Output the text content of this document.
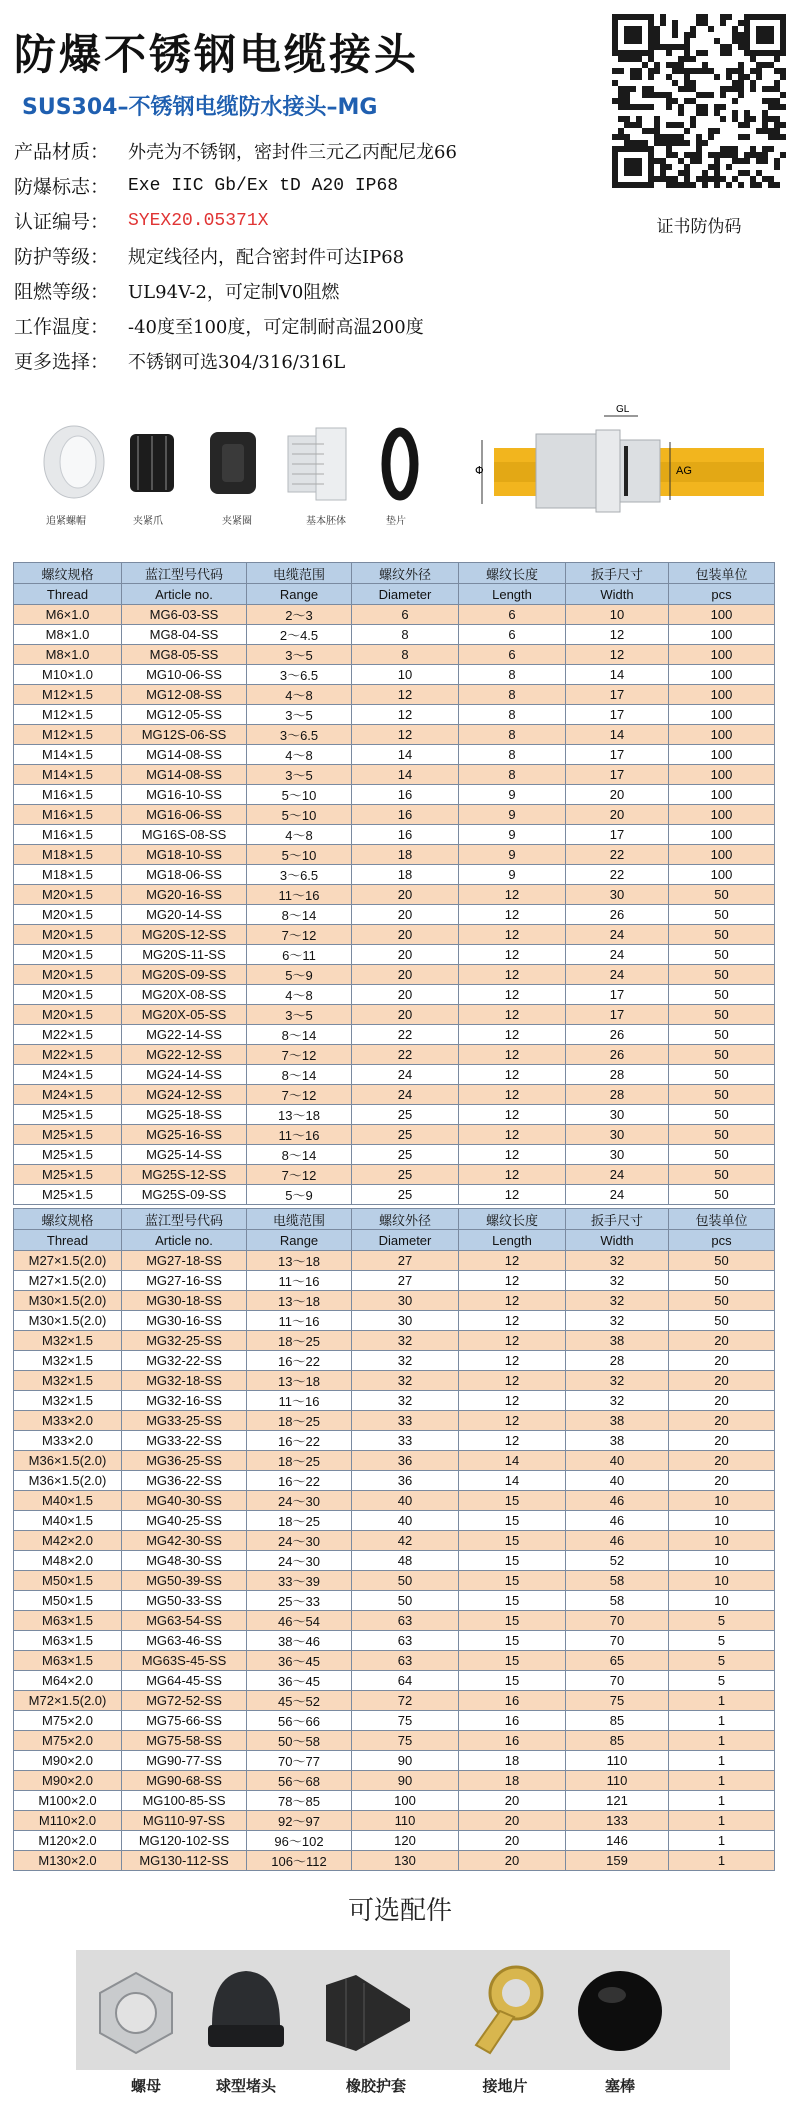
防爆不锈钢电缆接头
SUS304–不锈钢电缆防水接头–MG
产品材质：	外壳为不锈钢，密封件三元乙丙配尼龙66
防爆标志：	Exe IIC Gb/Ex tD A20 IP68
认证编号：	SYEX20.05371X
防护等级：	规定线径内，配合密封件可达IP68
阻燃等级：	UL94V-2，可定制V0阻燃
工作温度：	-40度至100度，可定制耐高温200度
更多选择：	不锈钢可选304/316/316L
证书防伪码
追紧螺帽	夹紧爪	夹紧圈	基本胚体	垫片
GL
AG
Φ
螺纹规格	蓝江型号代码	电缆范围	螺纹外径	螺纹长度	扳手尺寸	包装单位
Thread	Article no.	Range	Diameter	Length	Width	pcs
M6×1.0	MG6-03-SS	2～3	6	6	10	100
M8×1.0	MG8-04-SS	2～4.5	8	6	12	100
M8×1.0	MG8-05-SS	3～5	8	6	12	100
M10×1.0	MG10-06-SS	3～6.5	10	8	14	100
M12×1.5	MG12-08-SS	4～8	12	8	17	100
M12×1.5	MG12-05-SS	3～5	12	8	17	100
M12×1.5	MG12S-06-SS	3～6.5	12	8	14	100
M14×1.5	MG14-08-SS	4～8	14	8	17	100
M14×1.5	MG14-08-SS	3～5	14	8	17	100
M16×1.5	MG16-10-SS	5～10	16	9	20	100
M16×1.5	MG16-06-SS	5～10	16	9	20	100
M16×1.5	MG16S-08-SS	4～8	16	9	17	100
M18×1.5	MG18-10-SS	5～10	18	9	22	100
M18×1.5	MG18-06-SS	3～6.5	18	9	22	100
M20×1.5	MG20-16-SS	11～16	20	12	30	50
M20×1.5	MG20-14-SS	8～14	20	12	26	50
M20×1.5	MG20S-12-SS	7～12	20	12	24	50
M20×1.5	MG20S-11-SS	6～11	20	12	24	50
M20×1.5	MG20S-09-SS	5～9	20	12	24	50
M20×1.5	MG20X-08-SS	4～8	20	12	17	50
M20×1.5	MG20X-05-SS	3～5	20	12	17	50
M22×1.5	MG22-14-SS	8～14	22	12	26	50
M22×1.5	MG22-12-SS	7～12	22	12	26	50
M24×1.5	MG24-14-SS	8～14	24	12	28	50
M24×1.5	MG24-12-SS	7～12	24	12	28	50
M25×1.5	MG25-18-SS	13～18	25	12	30	50
M25×1.5	MG25-16-SS	11～16	25	12	30	50
M25×1.5	MG25-14-SS	8～14	25	12	30	50
M25×1.5	MG25S-12-SS	7～12	25	12	24	50
M25×1.5	MG25S-09-SS	5～9	25	12	24	50
螺纹规格	蓝江型号代码	电缆范围	螺纹外径	螺纹长度	扳手尺寸	包装单位
Thread	Article no.	Range	Diameter	Length	Width	pcs
M27×1.5(2.0)	MG27-18-SS	13～18	27	12	32	50
M27×1.5(2.0)	MG27-16-SS	11～16	27	12	32	50
M30×1.5(2.0)	MG30-18-SS	13～18	30	12	32	50
M30×1.5(2.0)	MG30-16-SS	11～16	30	12	32	50
M32×1.5	MG32-25-SS	18～25	32	12	38	20
M32×1.5	MG32-22-SS	16～22	32	12	28	20
M32×1.5	MG32-18-SS	13～18	32	12	32	20
M32×1.5	MG32-16-SS	11～16	32	12	32	20
M33×2.0	MG33-25-SS	18～25	33	12	38	20
M33×2.0	MG33-22-SS	16～22	33	12	38	20
M36×1.5(2.0)	MG36-25-SS	18～25	36	14	40	20
M36×1.5(2.0)	MG36-22-SS	16～22	36	14	40	20
M40×1.5	MG40-30-SS	24～30	40	15	46	10
M40×1.5	MG40-25-SS	18～25	40	15	46	10
M42×2.0	MG42-30-SS	24～30	42	15	46	10
M48×2.0	MG48-30-SS	24～30	48	15	52	10
M50×1.5	MG50-39-SS	33～39	50	15	58	10
M50×1.5	MG50-33-SS	25～33	50	15	58	10
M63×1.5	MG63-54-SS	46～54	63	15	70	5
M63×1.5	MG63-46-SS	38～46	63	15	70	5
M63×1.5	MG63S-45-SS	36～45	63	15	65	5
M64×2.0	MG64-45-SS	36～45	64	15	70	5
M72×1.5(2.0)	MG72-52-SS	45～52	72	16	75	1
M75×2.0	MG75-66-SS	56～66	75	16	85	1
M75×2.0	MG75-58-SS	50～58	75	16	85	1
M90×2.0	MG90-77-SS	70～77	90	18	110	1
M90×2.0	MG90-68-SS	56～68	90	18	110	1
M100×2.0	MG100-85-SS	78～85	100	20	121	1
M110×2.0	MG110-97-SS	92～97	110	20	133	1
M120×2.0	MG120-102-SS	96～102	120	20	146	1
M130×2.0	MG130-112-SS	106～112	130	20	159	1
可选配件
螺母	球型堵头	橡胶护套	接地片	塞棒
